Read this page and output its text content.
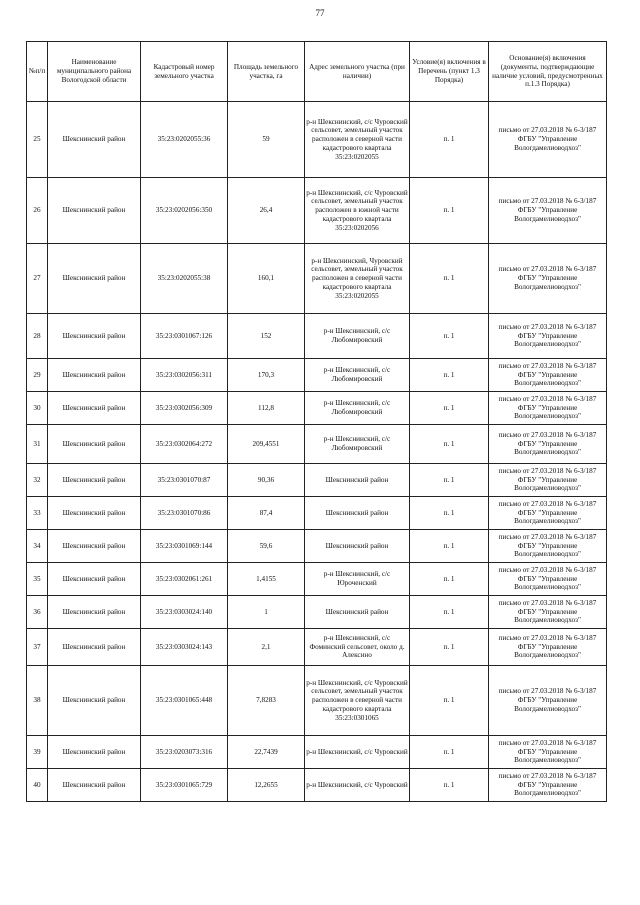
77
№п/п	Наименование муниципального района Вологодской области	Кадастровый номер земельного участка	Площадь земельного участка, га	Адрес земельного участка (при наличии)	Условие(я) включения в Перечень (пункт 1.3 Порядка)	Основание(я) включения (документы, подтверждающие наличие условий, предусмотренных п.1.3 Порядка)

25	Шекснинский район	35:23:0202055:36	59	р-н Шекснинский, с/с Чуровский сельсовет, земельный участок расположен в северной части кадастрового квартала 35:23:0202055	п. 1	письмо от 27.03.2018 № 6-3/187 ФГБУ "Управление Вологдамелиоводхоз"
26	Шекснинский район	35:23:0202056:350	26,4	р-н Шекснинский, с/с Чуровский сельсовет, земельный участок расположен в южной части кадастрового квартала 35:23:0202056	п. 1	письмо от 27.03.2018 № 6-3/187 ФГБУ "Управление Вологдамелиоводхоз"
27	Шекснинский район	35:23:0202055:38	160,1	р-н Шекснинский, Чуровский сельсовет, земельный участок расположен в северной части кадастрового квартала 35:23:0202055	п. 1	письмо от 27.03.2018 № 6-3/187 ФГБУ "Управление Вологдамелиоводхоз"
28	Шекснинский район	35:23:0301067:126	152	р-н Шекснинский, с/с Любомировский	п. 1	письмо от 27.03.2018 № 6-3/187 ФГБУ "Управление Вологдамелиоводхоз"
29	Шекснинский район	35:23:0302056:311	170,3	р-н Шекснинский, с/с Любомировский	п. 1	письмо от 27.03.2018 № 6-3/187 ФГБУ "Управление Вологдамелиоводхоз"
30	Шекснинский район	35:23:0302056:309	112,8	р-н Шекснинский, с/с Любомировский	п. 1	письмо от 27.03.2018 № 6-3/187 ФГБУ "Управление Вологдамелиоводхоз"
31	Шекснинский район	35:23:0302064:272	209,4551	р-н Шекснинский, с/с Любомировский	п. 1	письмо от 27.03.2018 № 6-3/187 ФГБУ "Управление Вологдамелиоводхоз"
32	Шекснинский район	35:23:0301070:87	90,36	Шекснинский район	п. 1	письмо от 27.03.2018 № 6-3/187 ФГБУ "Управление Вологдамелиоводхоз"
33	Шекснинский район	35:23:0301070:86	87,4	Шекснинский район	п. 1	письмо от 27.03.2018 № 6-3/187 ФГБУ "Управление Вологдамелиоводхоз"
34	Шекснинский район	35:23:0301069:144	59,6	Шекснинский район	п. 1	письмо от 27.03.2018 № 6-3/187 ФГБУ "Управление Вологдамелиоводхоз"
35	Шекснинский район	35:23:0302061:261	1,4155	р-н Шекснинский, с/с Юроченский	п. 1	письмо от 27.03.2018 № 6-3/187 ФГБУ "Управление Вологдамелиоводхоз"
36	Шекснинский район	35:23:0303024:140	1	Шекснинский район	п. 1	письмо от 27.03.2018 № 6-3/187 ФГБУ "Управление Вологдамелиоводхоз"
37	Шекснинский район	35:23:0303024:143	2,1	р-н Шекснинский, с/с Фоминский сельсовет, около д. Алексино	п. 1	письмо от 27.03.2018 № 6-3/187 ФГБУ "Управление Вологдамелиоводхоз"
38	Шекснинский район	35:23:0301065:448	7,8283	р-н Шекснинский, с/с Чуровский сельсовет, земельный участок расположен в северной части кадастрового квартала 35:23:0301065	п. 1	письмо от 27.03.2018 № 6-3/187 ФГБУ "Управление Вологдамелиоводхоз"
39	Шекснинский район	35:23:0203073:316	22,7439	р-н Шекснинский, с/с Чуровский	п. 1	письмо от 27.03.2018 № 6-3/187 ФГБУ "Управление Вологдамелиоводхоз"
40	Шекснинский район	35:23:0301065:729	12,2655	р-н Шекснинский, с/с Чуровский	п. 1	письмо от 27.03.2018 № 6-3/187 ФГБУ "Управление Вологдамелиоводхоз"
